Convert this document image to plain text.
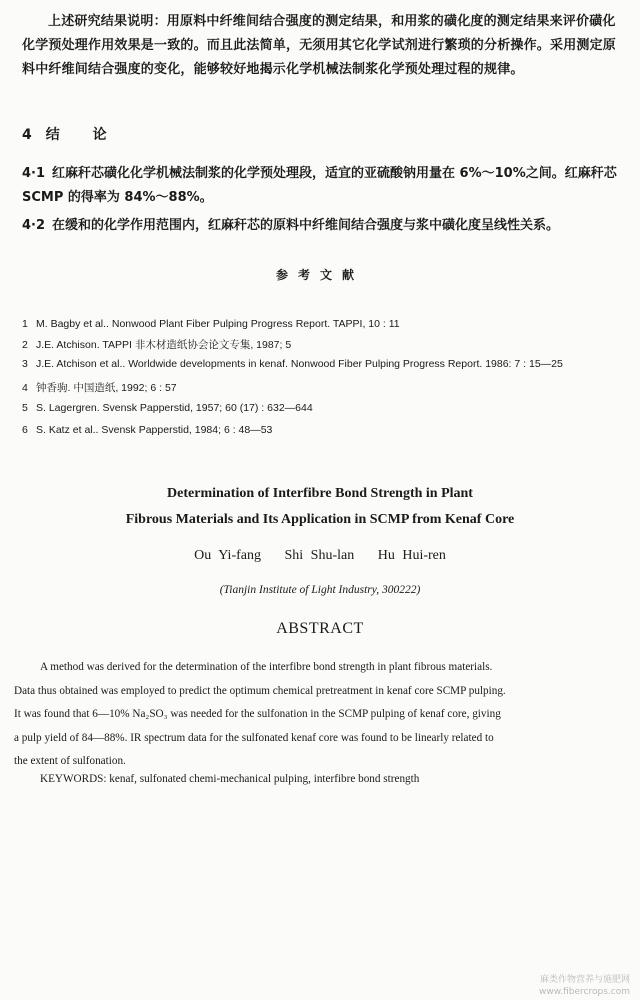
上述研究结果说明：用原料中纤维间结合强度的测定结果，和用浆的磺化度的测定结果来评价磺化化学预处理作用效果是一致的。而且此法简单，无须用其它化学试剂进行繁琐的分析操作。采用测定原料中纤维间结合强度的变化，能够较好地揭示化学机械法制浆化学预处理过程的规律。

4结 论
4·1 红麻秆芯磺化化学机械法制浆的化学预处理段，适宜的亚硫酸钠用量在 6%～10%之间。红麻秆芯 SCMP 的得率为 84%～88%。
4·2 在缓和的化学作用范围内，红麻秆芯的原料中纤维间结合强度与浆中磺化度呈线性关系。
参考文献
1 M. Bagby et al.. Nonwood Plant Fiber Pulping Progress Report. TAPPI, 10 : 11
2 J.E. Atchison. TAPPI 非木材造纸协会论文专集, 1987; 5
3 J.E. Atchison et al.. Worldwide developments in kenaf. Nonwood Fiber Pulping Progress Report. 1986: 7 : 15—25
4 钟香驹. 中国造纸, 1992; 6 : 57
5 S. Lagergren. Svensk Papperstid, 1957; 60 (17) : 632—644
6 S. Katz et al.. Svensk Papperstid, 1984; 6 : 48—53
Determination of Interfibre Bond Strength in Plant
Fibrous Materials and Its Application in SCMP from Kenaf Core
Ou Yi-fang Shi Shu-lan Hu Hui-ren
(Tianjin Institute of Light Industry, 300222)
ABSTRACT

A method was derived for the determination of the interfibre bond strength in plant fibrous materials.

Data thus obtained was employed to predict the optimum chemical pretreatment in kenaf core SCMP pulping.
It was found that 6—10% Na₂SO₃ was needed for the sulfonation in the SCMP pulping of kenaf core, giving
a pulp yield of 84—88%. IR spectrum data for the sulfonated kenaf core was found to be linearly related to
the extent of sulfonation.
KEYWORDS: kenaf, sulfonated chemi-mechanical pulping, interfibre bond strength
麻类作物营养与施肥网
www.fibercrops.com
